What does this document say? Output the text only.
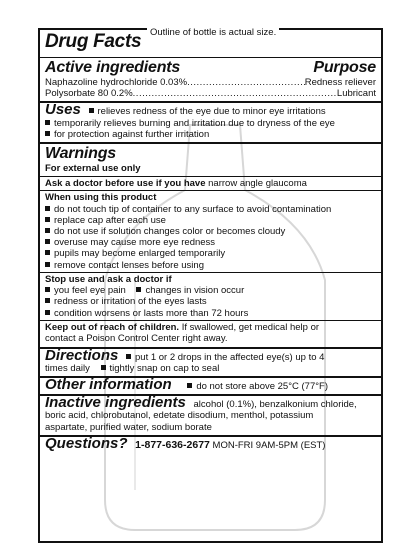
Drug Facts Outline of bottle is actual size.
Active ingredients	Purpose
Naphazoline hydrochloride 0.03% .....	Redness reliever
Polysorbate 80 0.2% .....	Lubricant
Uses relieves redness of the eye due to minor eye irritations
temporarily relieves burning and irritation due to dryness of the eye
for protection against further irritation
Warnings
For external use only
Ask a doctor before use if you have narrow angle glaucoma
When using this product
do not touch tip of container to any surface to avoid contamination
replace cap after each use
do not use if solution changes color or becomes cloudy
overuse may cause more eye redness
pupils may become enlarged temporarily
remove contact lenses before using
Stop use and ask a doctor if
you feel eye pain changes in vision occur
redness or irritation of the eyes lasts
condition worsens or lasts more than 72 hours
Keep out of reach of children. If swallowed, get medical help or
contact a Poison Control Center right away.
Directions put 1 or 2 drops in the affected eye(s) up to 4
times daily tightly snap on cap to seal
Other information	do not store above 25°C (77°F)
Inactive ingredients alcohol (0.1%), benzalkonium chloride,
boric acid, chlorobutanol, edetate disodium, menthol, potassium
aspartate, purified water, sodium borate
Questions? 1-877-636-2677 MON-FRI 9AM-5PM (EST)
